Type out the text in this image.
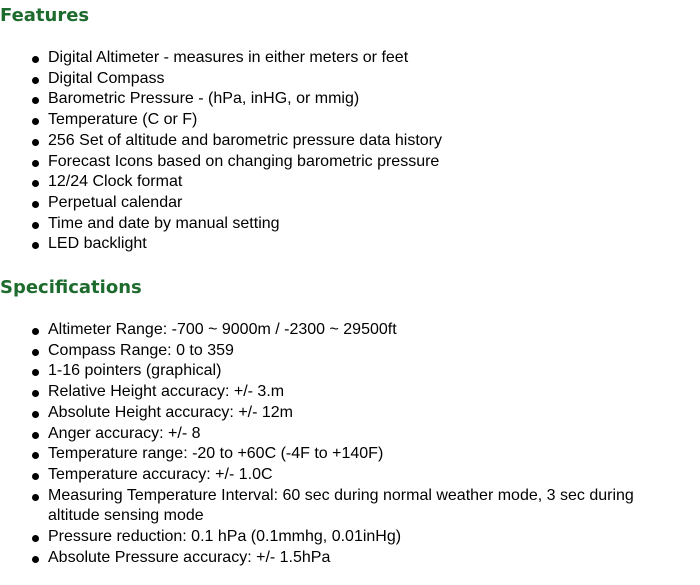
Features
Digital Altimeter - measures in either meters or feet
Digital Compass
Barometric Pressure - (hPa, inHG, or mmig)
Temperature (C or F)
256 Set of altitude and barometric pressure data history
Forecast Icons based on changing barometric pressure
12/24 Clock format
Perpetual calendar
Time and date by manual setting
LED backlight
Specifications
Altimeter Range: -700 ~ 9000m / -2300 ~ 29500ft
Compass Range: 0 to 359
1-16 pointers (graphical)
Relative Height accuracy: +/- 3.m
Absolute Height accuracy: +/- 12m
Anger accuracy: +/- 8
Temperature range: -20 to +60C (-4F to +140F)
Temperature accuracy: +/- 1.0C
Measuring Temperature Interval: 60 sec during normal weather mode, 3 sec during altitude sensing mode
Pressure reduction: 0.1 hPa (0.1mmhg, 0.01inHg)
Absolute Pressure accuracy: +/- 1.5hPa
